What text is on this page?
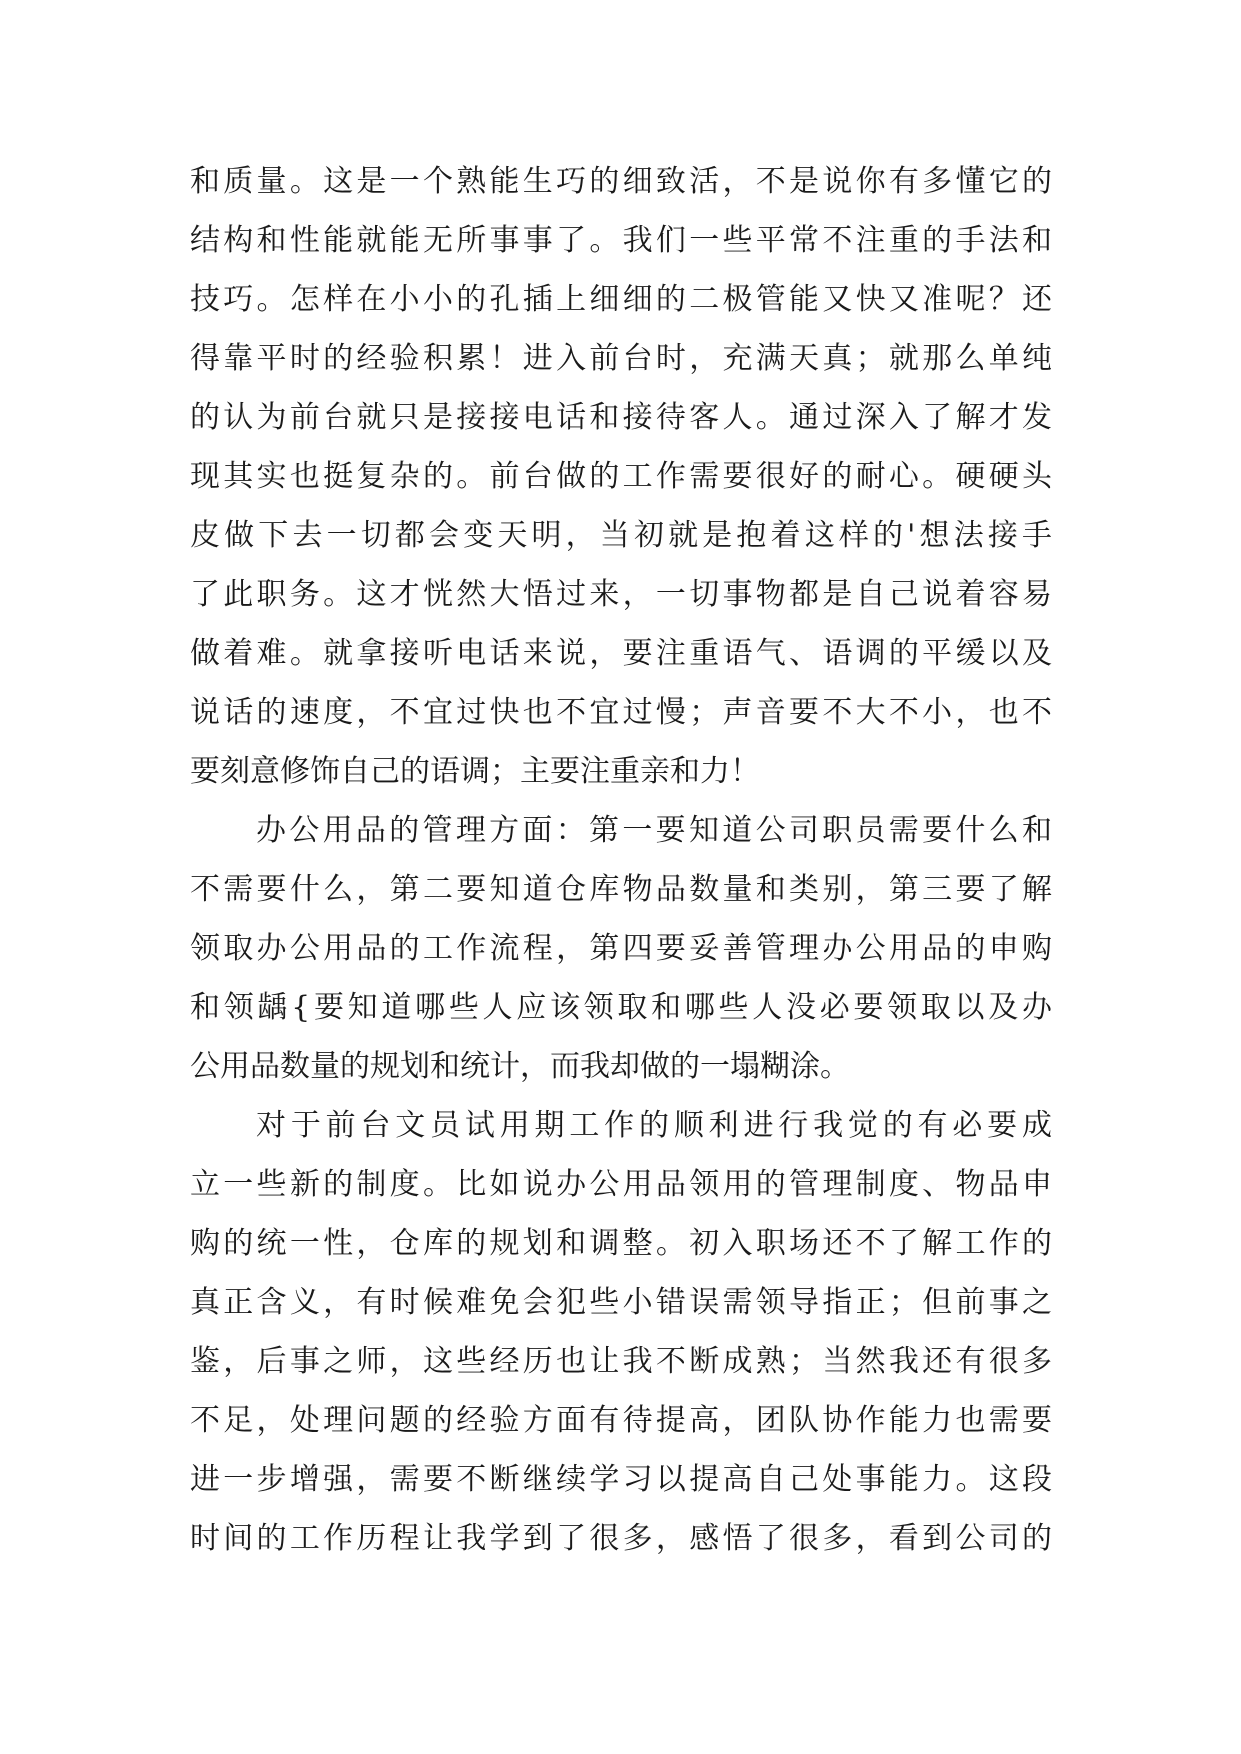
和质量。这是一个熟能生巧的细致活，不是说你有多懂它的
结构和性能就能无所事事了。我们一些平常不注重的手法和
技巧。怎样在小小的孔插上细细的二极管能又快又准呢？还
得靠平时的经验积累！进入前台时，充满天真；就那么单纯
的认为前台就只是接接电话和接待客人。通过深入了解才发
现其实也挺复杂的。前台做的工作需要很好的耐心。硬硬头
皮做下去一切都会变天明，当初就是抱着这样的'想法接手
了此职务。这才恍然大悟过来，一切事物都是自己说着容易
做着难。就拿接听电话来说，要注重语气、语调的平缓以及
说话的速度，不宜过快也不宜过慢；声音要不大不小，也不
要刻意修饰自己的语调；主要注重亲和力！
办公用品的管理方面：第一要知道公司职员需要什么和
不需要什么，第二要知道仓库物品数量和类别，第三要了解
领取办公用品的工作流程，第四要妥善管理办公用品的申购
和领龋{要知道哪些人应该领取和哪些人没必要领取以及办
公用品数量的规划和统计，而我却做的一塌糊涂。
对于前台文员试用期工作的顺利进行我觉的有必要成
立一些新的制度。比如说办公用品领用的管理制度、物品申
购的统一性，仓库的规划和调整。初入职场还不了解工作的
真正含义，有时候难免会犯些小错误需领导指正；但前事之
鉴，后事之师，这些经历也让我不断成熟；当然我还有很多
不足，处理问题的经验方面有待提高，团队协作能力也需要
进一步增强，需要不断继续学习以提高自己处事能力。这段
时间的工作历程让我学到了很多，感悟了很多，看到公司的
